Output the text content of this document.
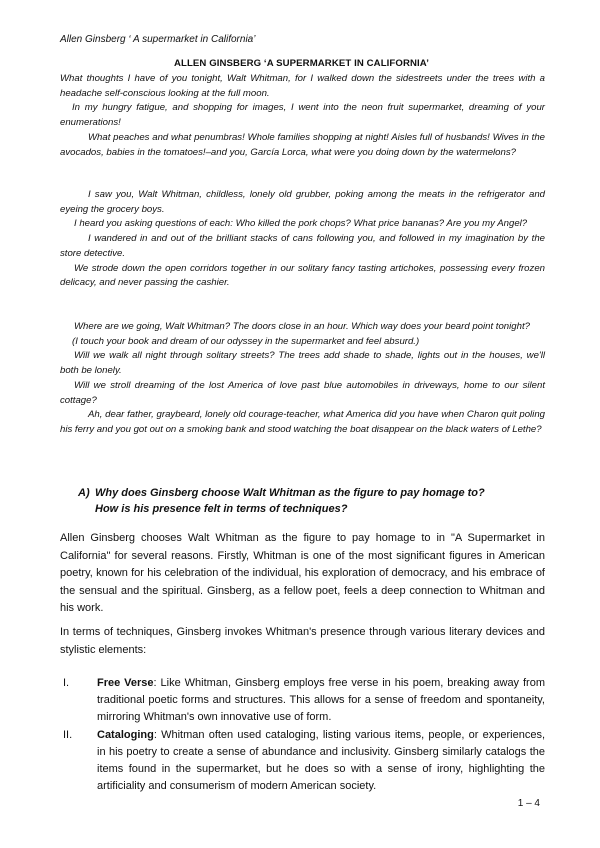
Allen Ginsberg ‘ A supermarket in California’
ALLEN GINSBERG ‘A SUPERMARKET IN CALIFORNIA’

What thoughts I have of you tonight, Walt Whitman, for I walked down the sidestreets under the trees with a headache self-conscious looking at the full moon.

In my hungry fatigue, and shopping for images, I went into the neon fruit supermarket, dreaming of your enumerations!

What peaches and what penumbras! Whole families shopping at night! Aisles full of husbands! Wives in the avocados, babies in the tomatoes!–and you, García Lorca, what were you doing down by the watermelons?

I saw you, Walt Whitman, childless, lonely old grubber, poking among the meats in the refrigerator and eyeing the grocery boys.

I heard you asking questions of each: Who killed the pork chops? What price bananas? Are you my Angel?

I wandered in and out of the brilliant stacks of cans following you, and followed in my imagination by the store detective.

We strode down the open corridors together in our solitary fancy tasting artichokes, possessing every frozen delicacy, and never passing the cashier.

Where are we going, Walt Whitman? The doors close in an hour. Which way does your beard point tonight?

(I touch your book and dream of our odyssey in the supermarket and feel absurd.)

Will we walk all night through solitary streets? The trees add shade to shade, lights out in the houses, we'll both be lonely.

Will we stroll dreaming of the lost America of love past blue automobiles in driveways, home to our silent cottage?

Ah, dear father, graybeard, lonely old courage-teacher, what America did you have when Charon quit poling his ferry and you got out on a smoking bank and stood watching the boat disappear on the black waters of Lethe?

A) Why does Ginsberg choose Walt Whitman as the figure to pay homage to?
How is his presence felt in terms of techniques?

Allen Ginsberg chooses Walt Whitman as the figure to pay homage to in "A Supermarket in California" for several reasons. Firstly, Whitman is one of the most significant figures in American poetry, known for his celebration of the individual, his exploration of democracy, and his embrace of the sensual and the spiritual. Ginsberg, as a fellow poet, feels a deep connection to Whitman and his work.

In terms of techniques, Ginsberg invokes Whitman's presence through various literary devices and stylistic elements:

I.	Free Verse: Like Whitman, Ginsberg employs free verse in his poem, breaking away from traditional poetic forms and structures. This allows for a sense of freedom and spontaneity, mirroring Whitman's own innovative use of form.
II.	Cataloging: Whitman often used cataloging, listing various items, people, or experiences, in his poetry to create a sense of abundance and inclusivity. Ginsberg similarly catalogs the items found in the supermarket, but he does so with a sense of irony, highlighting the artificiality and consumerism of modern American society.
1 – 4
